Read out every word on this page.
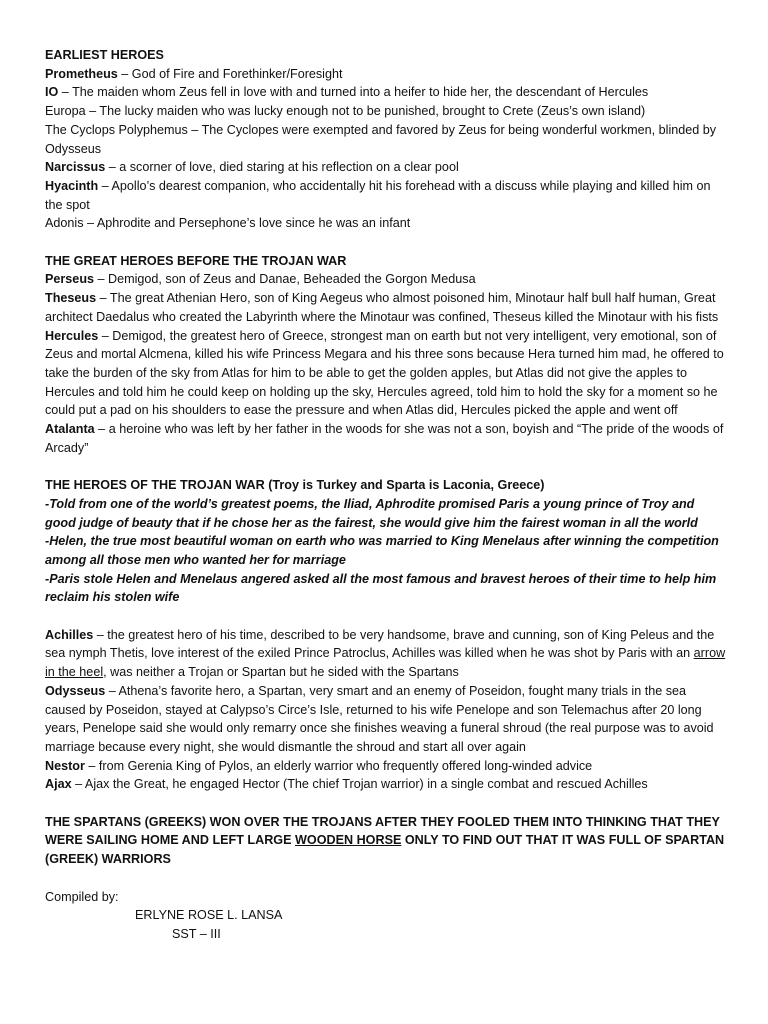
EARLIEST HEROES
Prometheus – God of Fire and Forethinker/Foresight
IO – The maiden whom Zeus fell in love with and turned into a heifer to hide her, the descendant of Hercules
Europa – The lucky maiden who was lucky enough not to be punished, brought to Crete (Zeus’s own island)
The Cyclops Polyphemus – The Cyclopes were exempted and favored by Zeus for being wonderful workmen, blinded by Odysseus
Narcissus – a scorner of love, died staring at his reflection on a clear pool
Hyacinth – Apollo’s dearest companion, who accidentally hit his forehead with a discuss while playing and killed him on the spot
Adonis – Aphrodite and Persephone’s love since he was an infant
THE GREAT HEROES BEFORE THE TROJAN WAR
Perseus – Demigod, son of Zeus and Danae, Beheaded the Gorgon Medusa
Theseus – The great Athenian Hero, son of King Aegeus who almost poisoned him, Minotaur half bull half human, Great architect Daedalus who created the Labyrinth where the Minotaur was confined, Theseus killed the Minotaur with his fists
Hercules – Demigod, the greatest hero of Greece, strongest man on earth but not very intelligent, very emotional, son of Zeus and mortal Alcmena, killed his wife Princess Megara and his three sons because Hera turned him mad, he offered to take the burden of the sky from Atlas for him to be able to get the golden apples, but Atlas did not give the apples to Hercules and told him he could keep on holding up the sky, Hercules agreed, told him to hold the sky for a moment so he could put a pad on his shoulders to ease the pressure and when Atlas did, Hercules picked the apple and went off
Atalanta – a heroine who was left by her father in the woods for she was not a son, boyish and “The pride of the woods of Arcady”
THE HEROES OF THE TROJAN WAR (Troy is Turkey and Sparta is Laconia, Greece)
-Told from one of the world’s greatest poems, the Iliad, Aphrodite promised Paris a young prince of Troy and good judge of beauty that if he chose her as the fairest, she would give him the fairest woman in all the world
-Helen, the true most beautiful woman on earth who was married to King Menelaus after winning the competition among all those men who wanted her for marriage
-Paris stole Helen and Menelaus angered asked all the most famous and bravest heroes of their time to help him reclaim his stolen wife
Achilles – the greatest hero of his time, described to be very handsome, brave and cunning, son of King Peleus and the sea nymph Thetis, love interest of the exiled Prince Patroclus, Achilles was killed when he was shot by Paris with an arrow in the heel, was neither a Trojan or Spartan but he sided with the Spartans
Odysseus – Athena’s favorite hero, a Spartan, very smart and an enemy of Poseidon, fought many trials in the sea caused by Poseidon, stayed at Calypso’s Circe’s Isle, returned to his wife Penelope and son Telemachus after 20 long years, Penelope said she would only remarry once she finishes weaving a funeral shroud (the real purpose was to avoid marriage because every night, she would dismantle the shroud and start all over again
Nestor – from Gerenia King of Pylos, an elderly warrior who frequently offered long-winded advice
Ajax – Ajax the Great, he engaged Hector (The chief Trojan warrior) in a single combat and rescued Achilles
THE SPARTANS (GREEKS) WON OVER THE TROJANS AFTER THEY FOOLED THEM INTO THINKING THAT THEY WERE SAILING HOME AND LEFT LARGE WOODEN HORSE ONLY TO FIND OUT THAT IT WAS FULL OF SPARTAN (GREEK) WARRIORS
Compiled by:
ERLYNE ROSE L. LANSA
SST – III
